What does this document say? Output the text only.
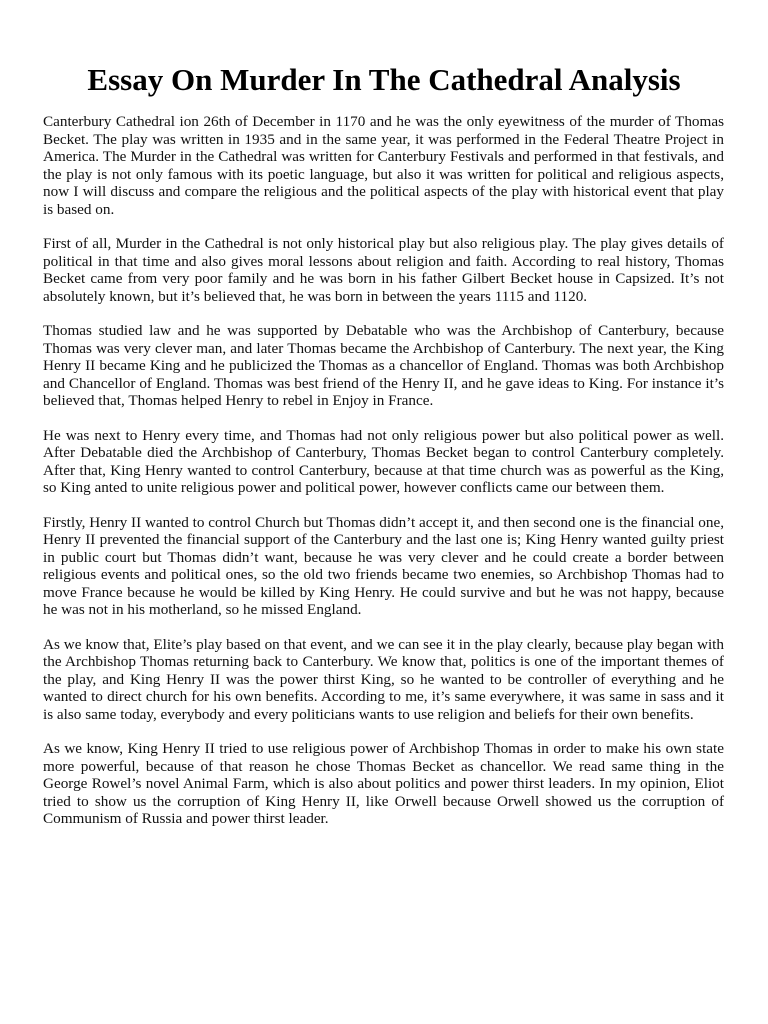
Essay On Murder In The Cathedral Analysis

Canterbury Cathedral ion 26th of December in 1170 and he was the only eyewitness of the murder of Thomas Becket. The play was written in 1935 and in the same year, it was performed in the Federal Theatre Project in America. The Murder in the Cathedral was written for Canterbury Festivals and performed in that festivals, and the play is not only famous with its poetic language, but also it was written for political and religious aspects, now I will discuss and compare the religious and the political aspects of the play with historical event that play is based on.

First of all, Murder in the Cathedral is not only historical play but also religious play. The play gives details of political in that time and also gives moral lessons about religion and faith. According to real history, Thomas Becket came from very poor family and he was born in his father Gilbert Becket house in Capsized. It’s not absolutely known, but it’s believed that, he was born in between the years 1115 and 1120.

Thomas studied law and he was supported by Debatable who was the Archbishop of Canterbury, because Thomas was very clever man, and later Thomas became the Archbishop of Canterbury. The next year, the King Henry II became King and he publicized the Thomas as a chancellor of England. Thomas was both Archbishop and Chancellor of England. Thomas was best friend of the Henry II, and he gave ideas to King. For instance it’s believed that, Thomas helped Henry to rebel in Enjoy in France.

He was next to Henry every time, and Thomas had not only religious power but also political power as well. After Debatable died the Archbishop of Canterbury, Thomas Becket began to control Canterbury completely. After that, King Henry wanted to control Canterbury, because at that time church was as powerful as the King, so King anted to unite religious power and political power, however conflicts came our between them.

Firstly, Henry II wanted to control Church but Thomas didn’t accept it, and then second one is the financial one, Henry II prevented the financial support of the Canterbury and the last one is; King Henry wanted guilty priest in public court but Thomas didn’t want, because he was very clever and he could create a border between religious events and political ones, so the old two friends became two enemies, so Archbishop Thomas had to move France because he would be killed by King Henry. He could survive and but he was not happy, because he was not in his motherland, so he missed England.

As we know that, Elite’s play based on that event, and we can see it in the play clearly, because play began with the Archbishop Thomas returning back to Canterbury. We know that, politics is one of the important themes of the play, and King Henry II was the power thirst King, so he wanted to be controller of everything and he wanted to direct church for his own benefits. According to me, it’s same everywhere, it was same in sass and it is also same today, everybody and every politicians wants to use religion and beliefs for their own benefits.

As we know, King Henry II tried to use religious power of Archbishop Thomas in order to make his own state more powerful, because of that reason he chose Thomas Becket as chancellor. We read same thing in the George Rowel’s novel Animal Farm, which is also about politics and power thirst leaders. In my opinion, Eliot tried to show us the corruption of King Henry II, like Orwell because Orwell showed us the corruption of Communism of Russia and power thirst leader.
